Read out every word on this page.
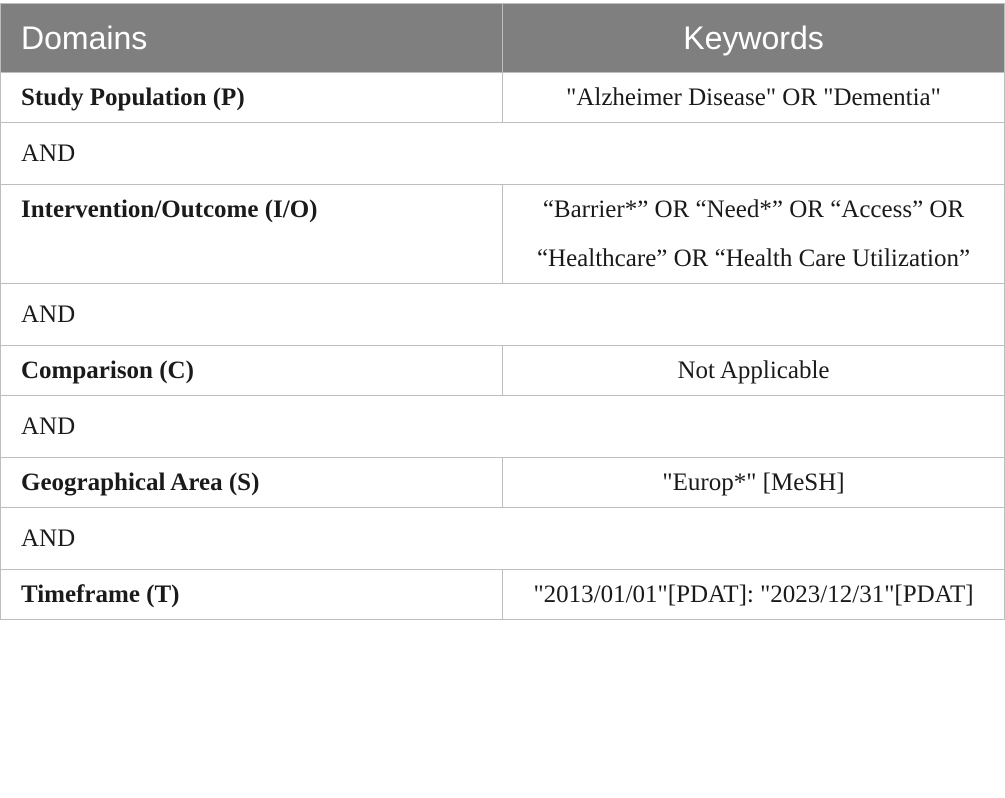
Domains	Keywords
Study Population (P)	"Alzheimer Disease" OR "Dementia"
AND	
Intervention/Outcome (I/O)	“Barrier*” OR “Need*” OR “Access” OR “Healthcare” OR “Health Care Utilization”
AND	
Comparison (C)	Not Applicable
AND	
Geographical Area (S)	"Europ*" [MeSH]
AND	
Timeframe (T)	"2013/01/01"[PDAT]: "2023/12/31"[PDAT]
